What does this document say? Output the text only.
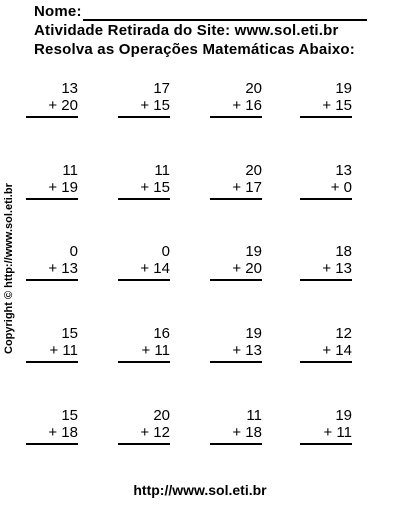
Nome:
Atividade Retirada do Site: www.sol.eti.br
Resolva as Operações Matemáticas Abaixo:
Copyright © http://www.sol.eti.br
13
+ 20
17
+ 15
20
+ 16
19
+ 15
11
+ 19
11
+ 15
20
+ 17
13
+ 0
0
+ 13
0
+ 14
19
+ 20
18
+ 13
15
+ 11
16
+ 11
19
+ 13
12
+ 14
15
+ 18
20
+ 12
11
+ 18
19
+ 11
http://www.sol.eti.br
